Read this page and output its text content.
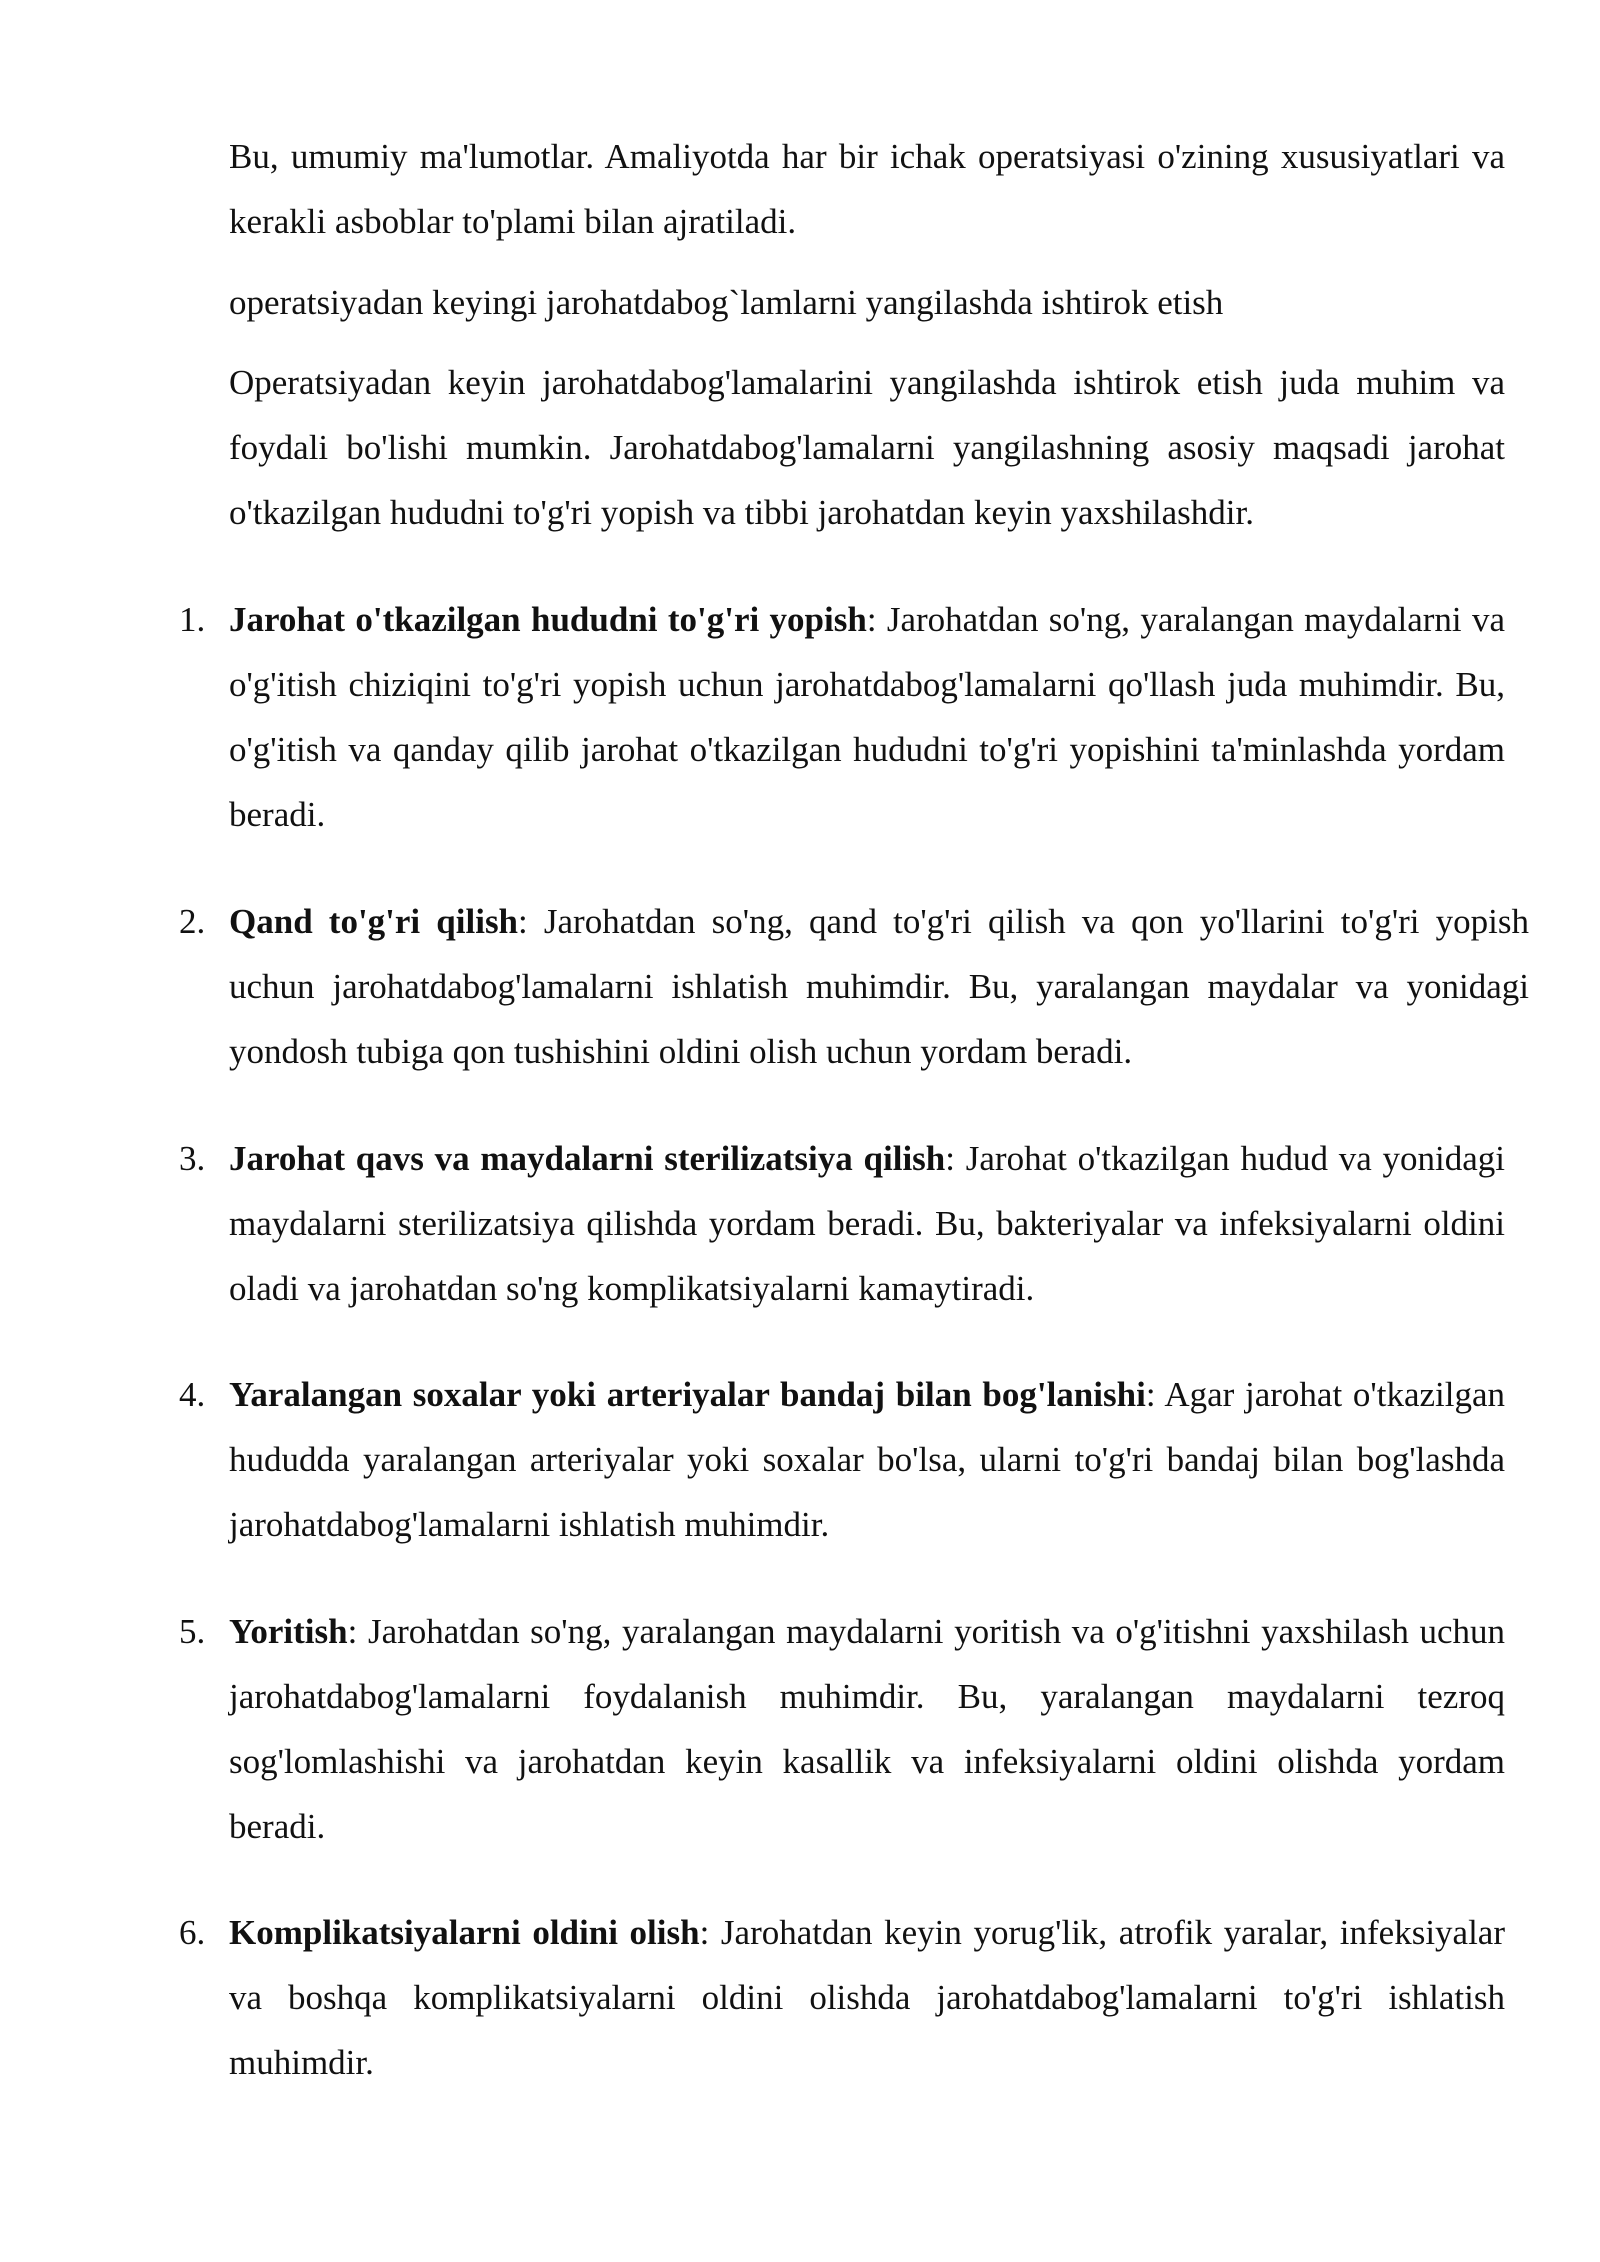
Bu, umumiy ma'lumotlar. Amaliyotda har bir ichak operatsiyasi o'zining xususiyatlari va kerakli asboblar to'plami bilan ajratiladi.

operatsiyadan keyingi jarohatdabog`lamlarni yangilashda ishtirok etish

Operatsiyadan keyin jarohatdabog'lamalarini yangilashda ishtirok etish juda muhim va foydali bo'lishi mumkin. Jarohatdabog'lamalarni yangilashning asosiy maqsadi jarohat o'tkazilgan hududni to'g'ri yopish va tibbi jarohatdan keyin yaxshilashdir.

1. Jarohat o'tkazilgan hududni to'g'ri yopish: Jarohatdan so'ng, yaralangan maydalarni va o'g'itish chiziqini to'g'ri yopish uchun jarohatdabog'lamalarni qo'llash juda muhimdir. Bu, o'g'itish va qanday qilib jarohat o'tkazilgan hududni to'g'ri yopishini ta'minlashda yordam beradi.
2. Qand to'g'ri qilish: Jarohatdan so'ng, qand to'g'ri qilish va qon yo'llarini to'g'ri yopish uchun jarohatdabog'lamalarni ishlatish muhimdir. Bu, yaralangan maydalar va yonidagi yondosh tubiga qon tushishini oldini olish uchun yordam beradi.
3. Jarohat qavs va maydalarni sterilizatsiya qilish: Jarohat o'tkazilgan hudud va yonidagi maydalarni sterilizatsiya qilishda yordam beradi. Bu, bakteriyalar va infeksiyalarni oldini oladi va jarohatdan so'ng komplikatsiyalarni kamaytiradi.
4. Yaralangan soxalar yoki arteriyalar bandaj bilan bog'lanishi: Agar jarohat o'tkazilgan hududda yaralangan arteriyalar yoki soxalar bo'lsa, ularni to'g'ri bandaj bilan bog'lashda jarohatdabog'lamalarni ishlatish muhimdir.
5. Yoritish: Jarohatdan so'ng, yaralangan maydalarni yoritish va o'g'itishni yaxshilash uchun jarohatdabog'lamalarni foydalanish muhimdir. Bu, yaralangan maydalarni tezroq sog'lomlashishi va jarohatdan keyin kasallik va infeksiyalarni oldini olishda yordam beradi.
6. Komplikatsiyalarni oldini olish: Jarohatdan keyin yorug'lik, atrofik yaralar, infeksiyalar va boshqa komplikatsiyalarni oldini olishda jarohatdabog'lamalarni to'g'ri ishlatish muhimdir.
